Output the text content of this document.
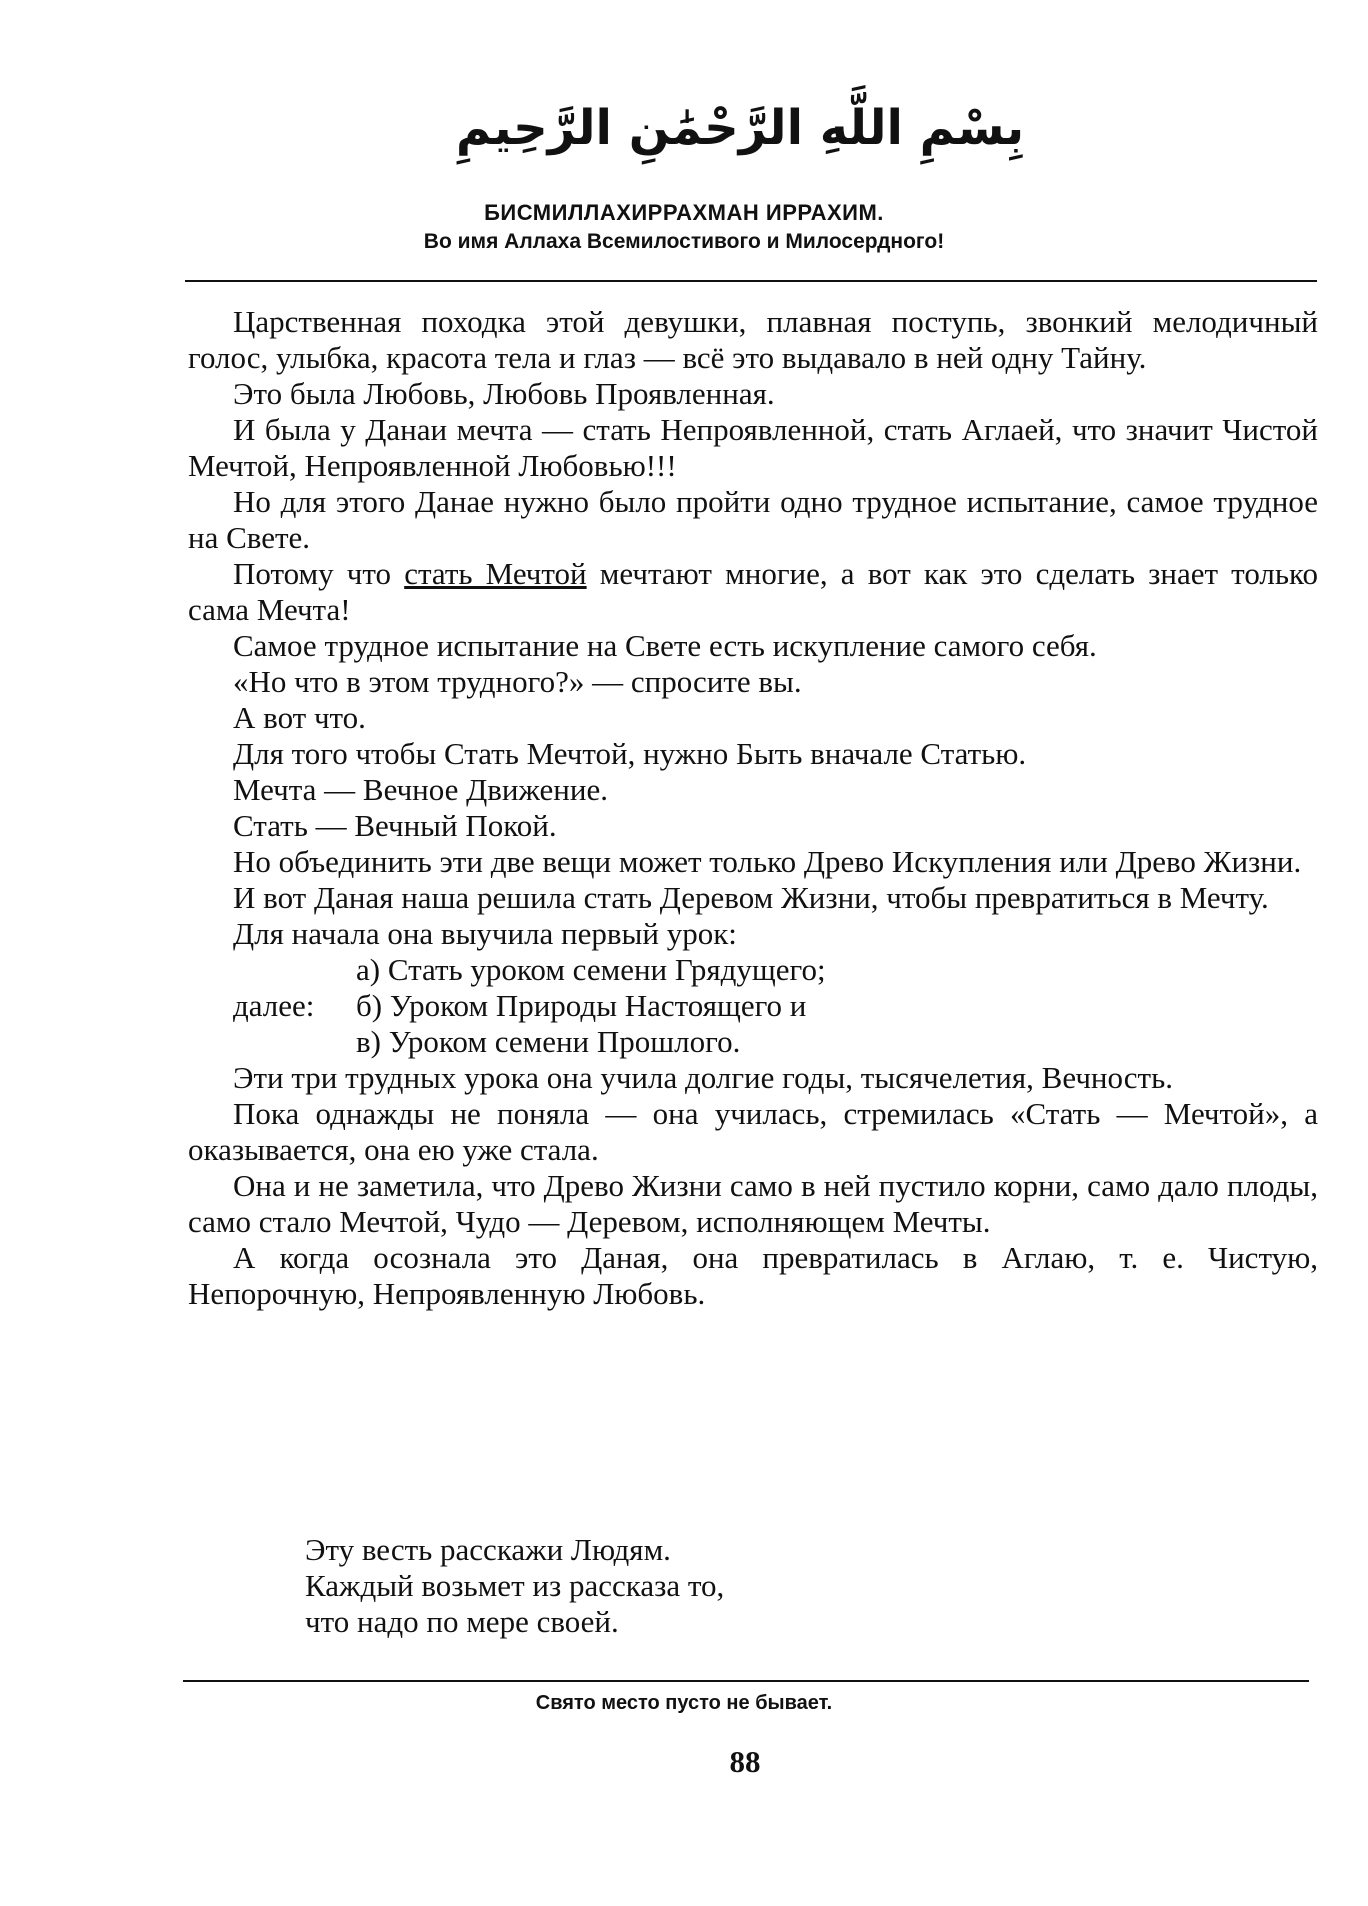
بِسْمِ اللَّهِ الرَّحْمَٰنِ الرَّحِيمِ
БИСМИЛЛАХИРРАХМАН ИРРАХИМ.
Во имя Аллаха Всемилостивого и Милосердного!

Царственная походка этой девушки, плавная поступь, звонкий мелодичный голос, улыбка, красота тела и глаз — всё это выдавало в ней одну Тайну.

Это была Любовь, Любовь Проявленная.

И была у Данаи мечта — стать Непроявленной, стать Аглаей, что значит Чистой Мечтой, Непроявленной Любовью!!!

Но для этого Данае нужно было пройти одно трудное испытание, самое трудное на Свете.

Потому что стать Мечтой мечтают многие, а вот как это сделать знает только сама Мечта!

Самое трудное испытание на Свете есть искупление самого себя.

«Но что в этом трудного?» — спросите вы.

А вот что.

Для того чтобы Стать Мечтой, нужно Быть вначале Статью.

Мечта — Вечное Движение.

Стать — Вечный Покой.

Но объединить эти две вещи может только Древо Искупления или Древо Жизни.

И вот Даная наша решила стать Деревом Жизни, чтобы превратиться в Мечту.

Для начала она выучила первый урок:

а) Стать уроком семени Грядущего;
далее:	б) Уроком Природы Настоящего и
в) Уроком семени Прошлого.

Эти три трудных урока она учила долгие годы, тысячелетия, Вечность.

Пока однажды не поняла — она училась, стремилась «Стать — Мечтой», а оказывается, она ею уже стала.

Она и не заметила, что Древо Жизни само в ней пустило корни, само дало плоды, само стало Мечтой, Чудо — Деревом, исполняющем Мечты.

А когда осознала это Даная, она превратилась в Аглаю, т. е. Чистую, Непорочную, Непроявленную Любовь.

Эту весть расскажи Людям.
Каждый возьмет из рассказа то,
что надо по мере своей.
Свято место пусто не бывает.
88
